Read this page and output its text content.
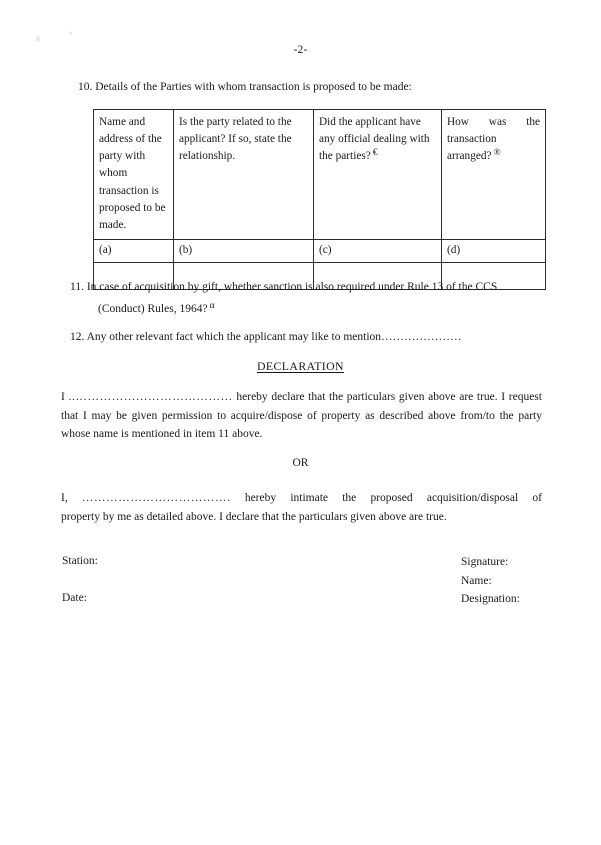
-2-
10. Details of the Parties with whom transaction is proposed to be made:
Name and address of the party with whom transaction is proposed to be made.	Is the party related to the applicant? If so, state the relationship.	Did the applicant have any official dealing with the parties? €	How was the transaction arranged? ®
(a)	(b)	(c)	(d)

11. In case of acquisition by gift, whether sanction is also required under Rule 13 of the CCS
(Conduct) Rules, 1964? $^\alpha$
12. Any other relevant fact which the applicant may like to mention…………………
DECLARATION
I ..………………………………… hereby declare that the particulars given above are true. I request that I may be given permission to acquire/dispose of property as described above from/to the party whose name is mentioned in item 11 above.
OR
I, ………………………………. hereby intimate the proposed acquisition/disposal of
property by me as detailed above. I declare that the particulars given above are true.
Station:
Date:
Signature:
Name:
Designation:
